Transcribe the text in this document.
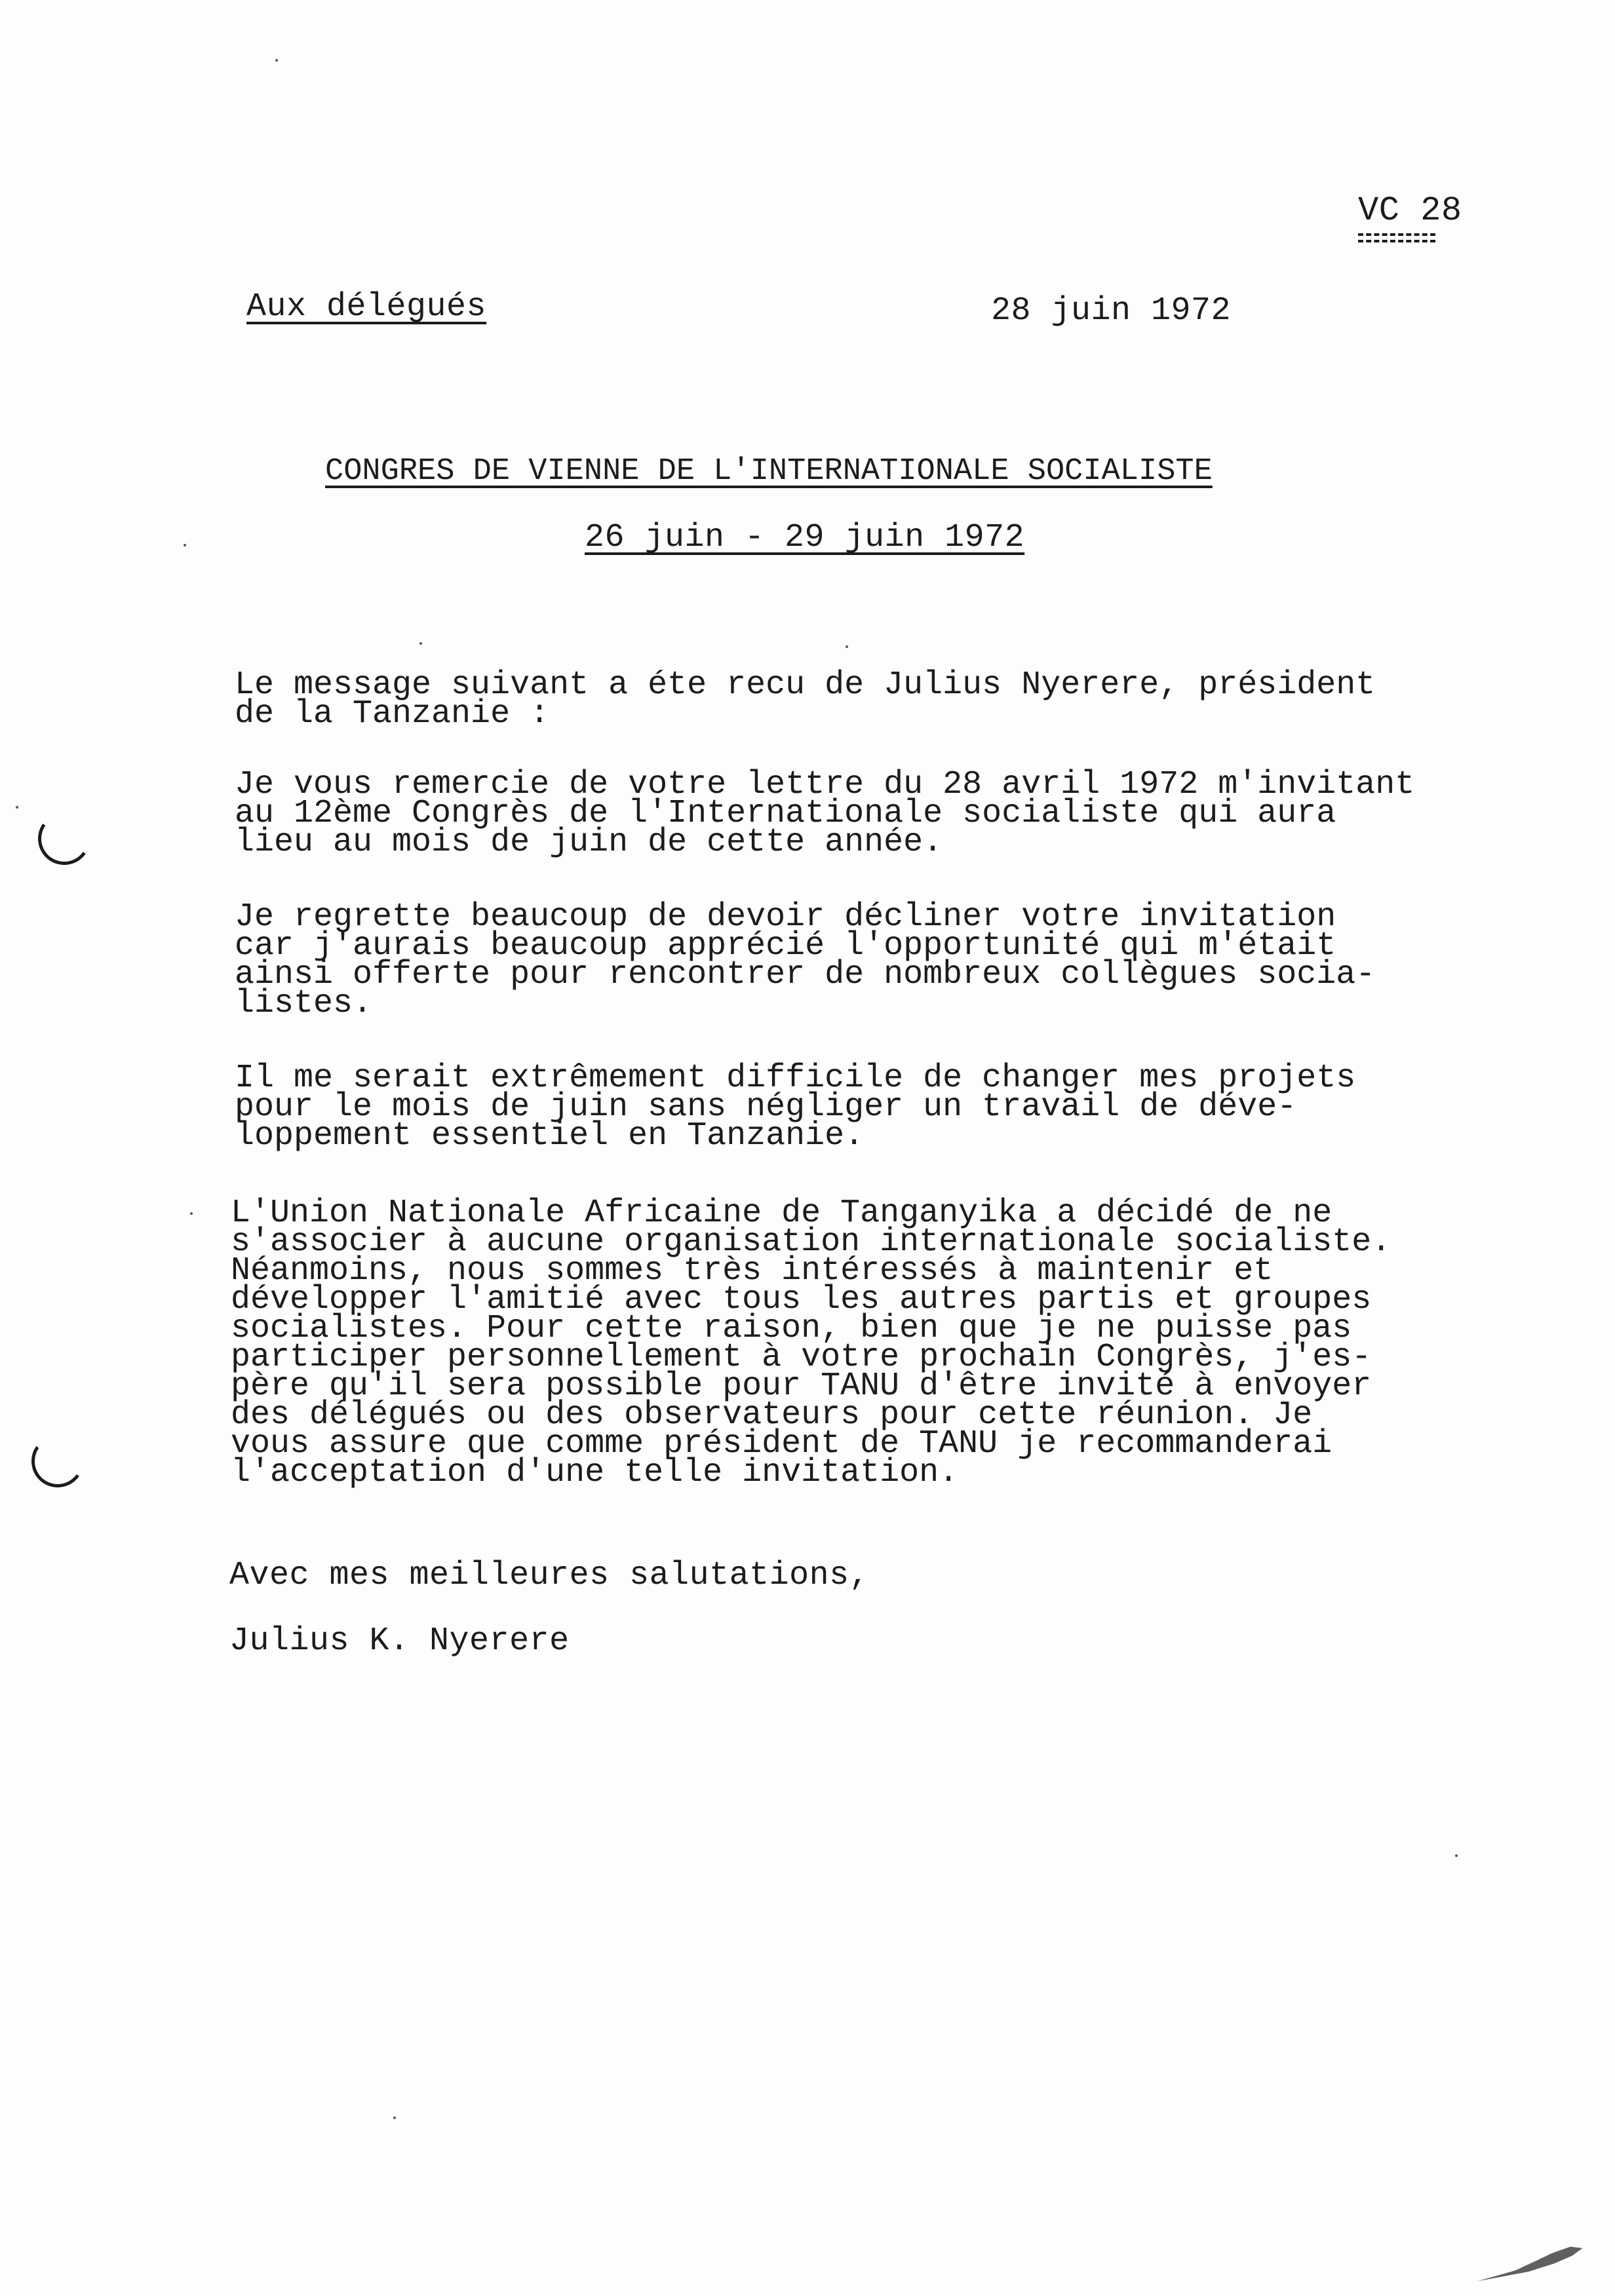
VC 28
Aux délégués	28 juin 1972
CONGRES DE VIENNE DE L'INTERNATIONALE SOCIALISTE
26 juin - 29 juin 1972
Le message suivant a éte recu de Julius Nyerere, président
de la Tanzanie :
Je vous remercie de votre lettre du 28 avril 1972 m'invitant
au 12ème Congrès de l'Internationale socialiste qui aura
lieu au mois de juin de cette année.
Je regrette beaucoup de devoir décliner votre invitation
car j'aurais beaucoup apprécié l'opportunité qui m'était
ainsi offerte pour rencontrer de nombreux collègues socia-
listes.
Il me serait extrêmement difficile de changer mes projets
pour le mois de juin sans négliger un travail de déve-
loppement essentiel en Tanzanie.
L'Union Nationale Africaine de Tanganyika a décidé de ne
s'associer à aucune organisation internationale socialiste.
Néanmoins, nous sommes très intéressés à maintenir et
développer l'amitié avec tous les autres partis et groupes
socialistes. Pour cette raison, bien que je ne puisse pas
participer personnellement à votre prochain Congrès, j'es-
père qu'il sera possible pour TANU d'être invité à envoyer
des délégués ou des observateurs pour cette réunion. Je
vous assure que comme président de TANU je recommanderai
l'acceptation d'une telle invitation.
Avec mes meilleures salutations,
Julius K. Nyerere
